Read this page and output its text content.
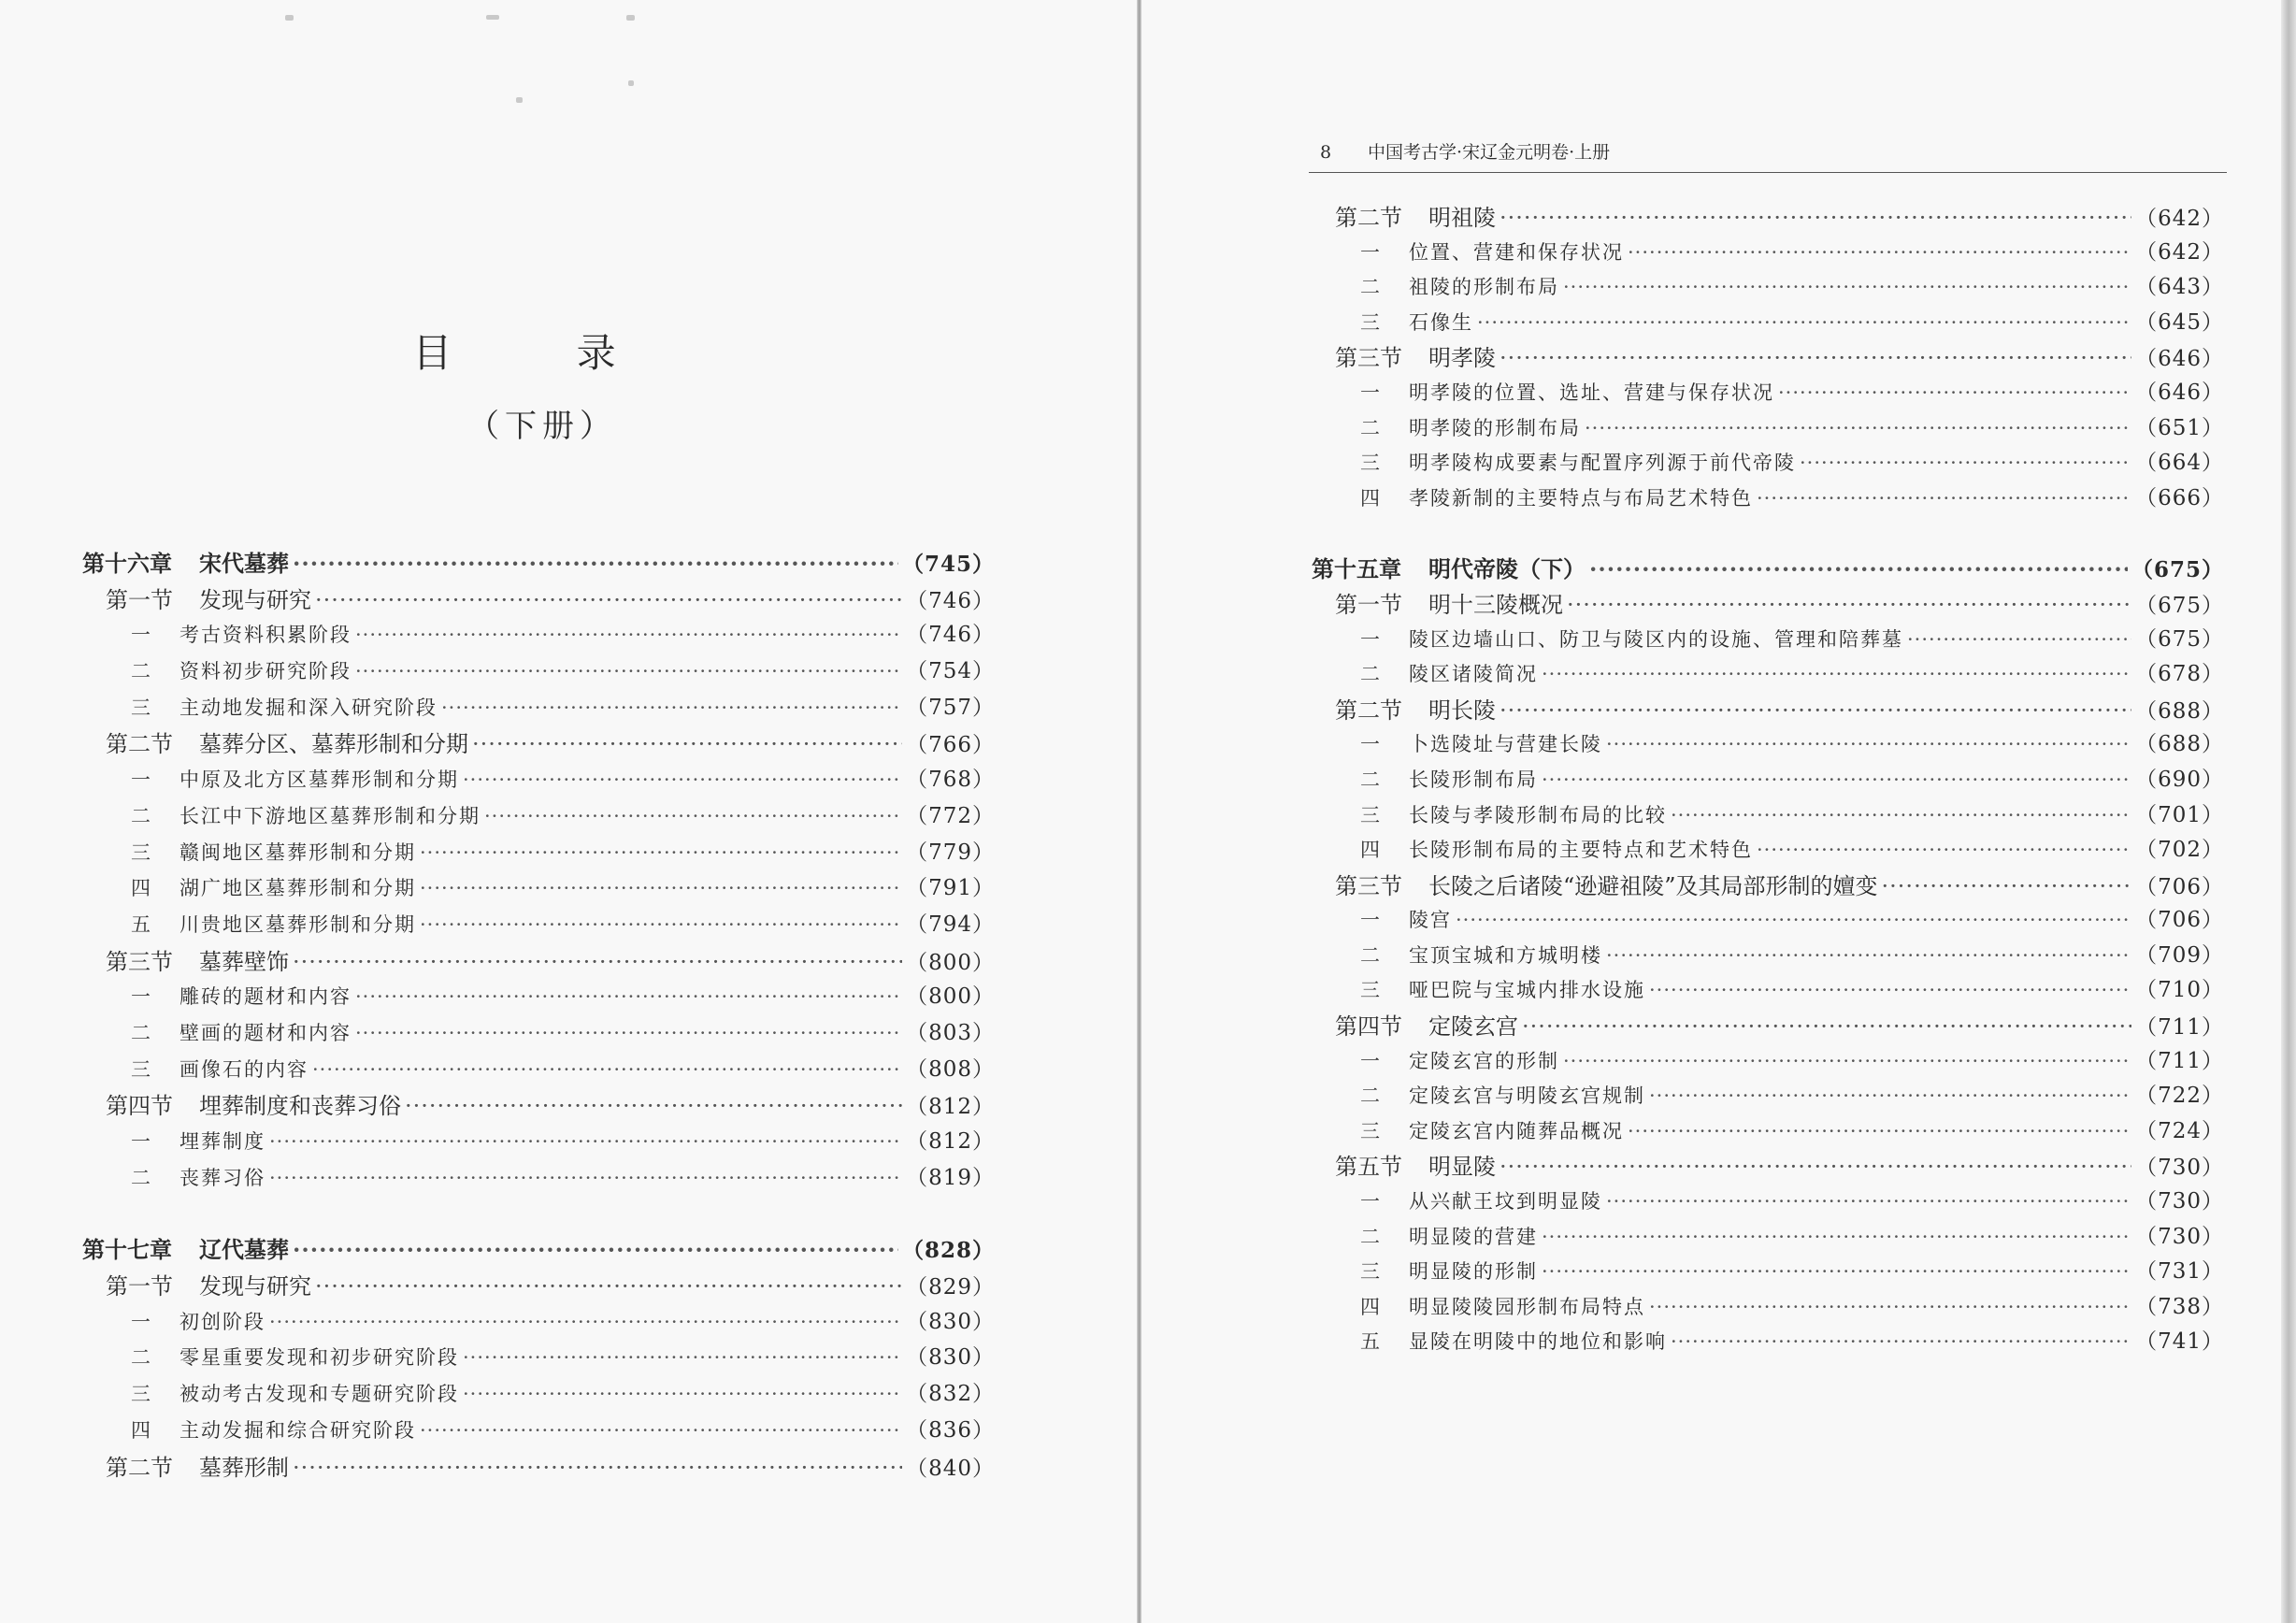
目 录
（下册）
第十六章	宋代墓葬 ·····	（745）
第一节	发现与研究 ·····	（746）
一	考古资料积累阶段 ·····	（746）
二	资料初步研究阶段 ·····	（754）
三	主动地发掘和深入研究阶段 ·····	（757）
第二节	墓葬分区、墓葬形制和分期 ·····	（766）
一	中原及北方区墓葬形制和分期 ·····	（768）
二	长江中下游地区墓葬形制和分期 ·····	（772）
三	赣闽地区墓葬形制和分期 ·····	（779）
四	湖广地区墓葬形制和分期 ·····	（791）
五	川贵地区墓葬形制和分期 ·····	（794）
第三节	墓葬壁饰 ·····	（800）
一	雕砖的题材和内容 ·····	（800）
二	壁画的题材和内容 ·····	（803）
三	画像石的内容 ·····	（808）
第四节	埋葬制度和丧葬习俗 ·····	（812）
一	埋葬制度 ·····	（812）
二	丧葬习俗 ·····	（819）
第十七章	辽代墓葬 ·····	（828）
第一节	发现与研究 ·····	（829）
一	初创阶段 ·····	（830）
二	零星重要发现和初步研究阶段 ·····	（830）
三	被动考古发现和专题研究阶段 ·····	（832）
四	主动发掘和综合研究阶段 ·····	（836）
第二节	墓葬形制 ·····	（840）
8 中国考古学·宋辽金元明卷·上册
第二节	明祖陵 ·····	（642）
一	位置、营建和保存状况 ·····	（642）
二	祖陵的形制布局 ·····	（643）
三	石像生 ·····	（645）
第三节	明孝陵 ·····	（646）
一	明孝陵的位置、选址、营建与保存状况 ·····	（646）
二	明孝陵的形制布局 ·····	（651）
三	明孝陵构成要素与配置序列源于前代帝陵 ·····	（664）
四	孝陵新制的主要特点与布局艺术特色 ·····	（666）
第十五章	明代帝陵（下） ·····	（675）
第一节	明十三陵概况 ·····	（675）
一	陵区边墙山口、防卫与陵区内的设施、管理和陪葬墓 ·····	（675）
二	陵区诸陵简况 ·····	（678）
第二节	明长陵 ·····	（688）
一	卜选陵址与营建长陵 ·····	（688）
二	长陵形制布局 ·····	（690）
三	长陵与孝陵形制布局的比较 ·····	（701）
四	长陵形制布局的主要特点和艺术特色 ·····	（702）
第三节	长陵之后诸陵“逊避祖陵”及其局部形制的嬗变 ·····	（706）
一	陵宫 ·····	（706）
二	宝顶宝城和方城明楼 ·····	（709）
三	哑巴院与宝城内排水设施 ·····	（710）
第四节	定陵玄宫 ·····	（711）
一	定陵玄宫的形制 ·····	（711）
二	定陵玄宫与明陵玄宫规制 ·····	（722）
三	定陵玄宫内随葬品概况 ·····	（724）
第五节	明显陵 ·····	（730）
一	从兴献王坟到明显陵 ·····	（730）
二	明显陵的营建 ·····	（730）
三	明显陵的形制 ·····	（731）
四	明显陵陵园形制布局特点 ·····	（738）
五	显陵在明陵中的地位和影响 ·····	（741）
